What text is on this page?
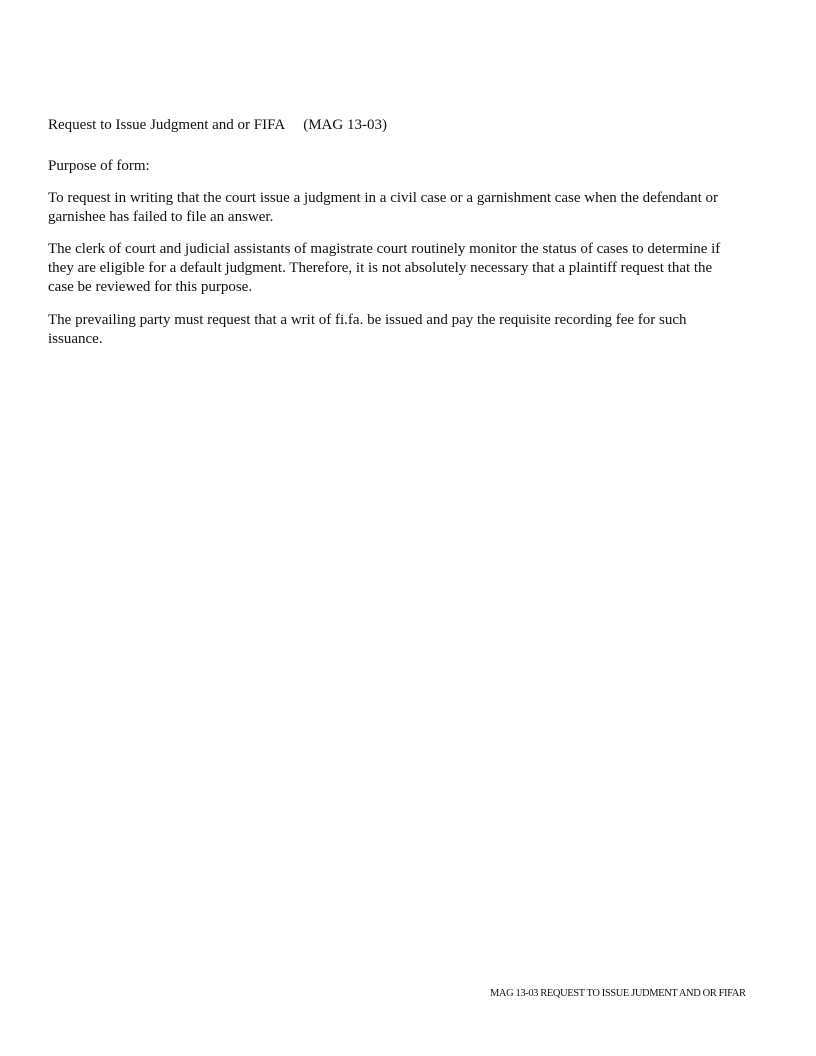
Request to Issue Judgment and or FIFA (MAG 13-03)
Purpose of form:
To request in writing that the court issue a judgment in a civil case or a garnishment case when the defendant or
garnishee has failed to file an answer.
The clerk of court and judicial assistants of magistrate court routinely monitor the status of cases to determine if
they are eligible for a default judgment. Therefore, it is not absolutely necessary that a plaintiff request that the
case be reviewed for this purpose.
The prevailing party must request that a writ of fi.fa. be issued and pay the requisite recording fee for such
issuance.
MAG 13-03 REQUEST TO ISSUE JUDMENT AND OR FIFAR
